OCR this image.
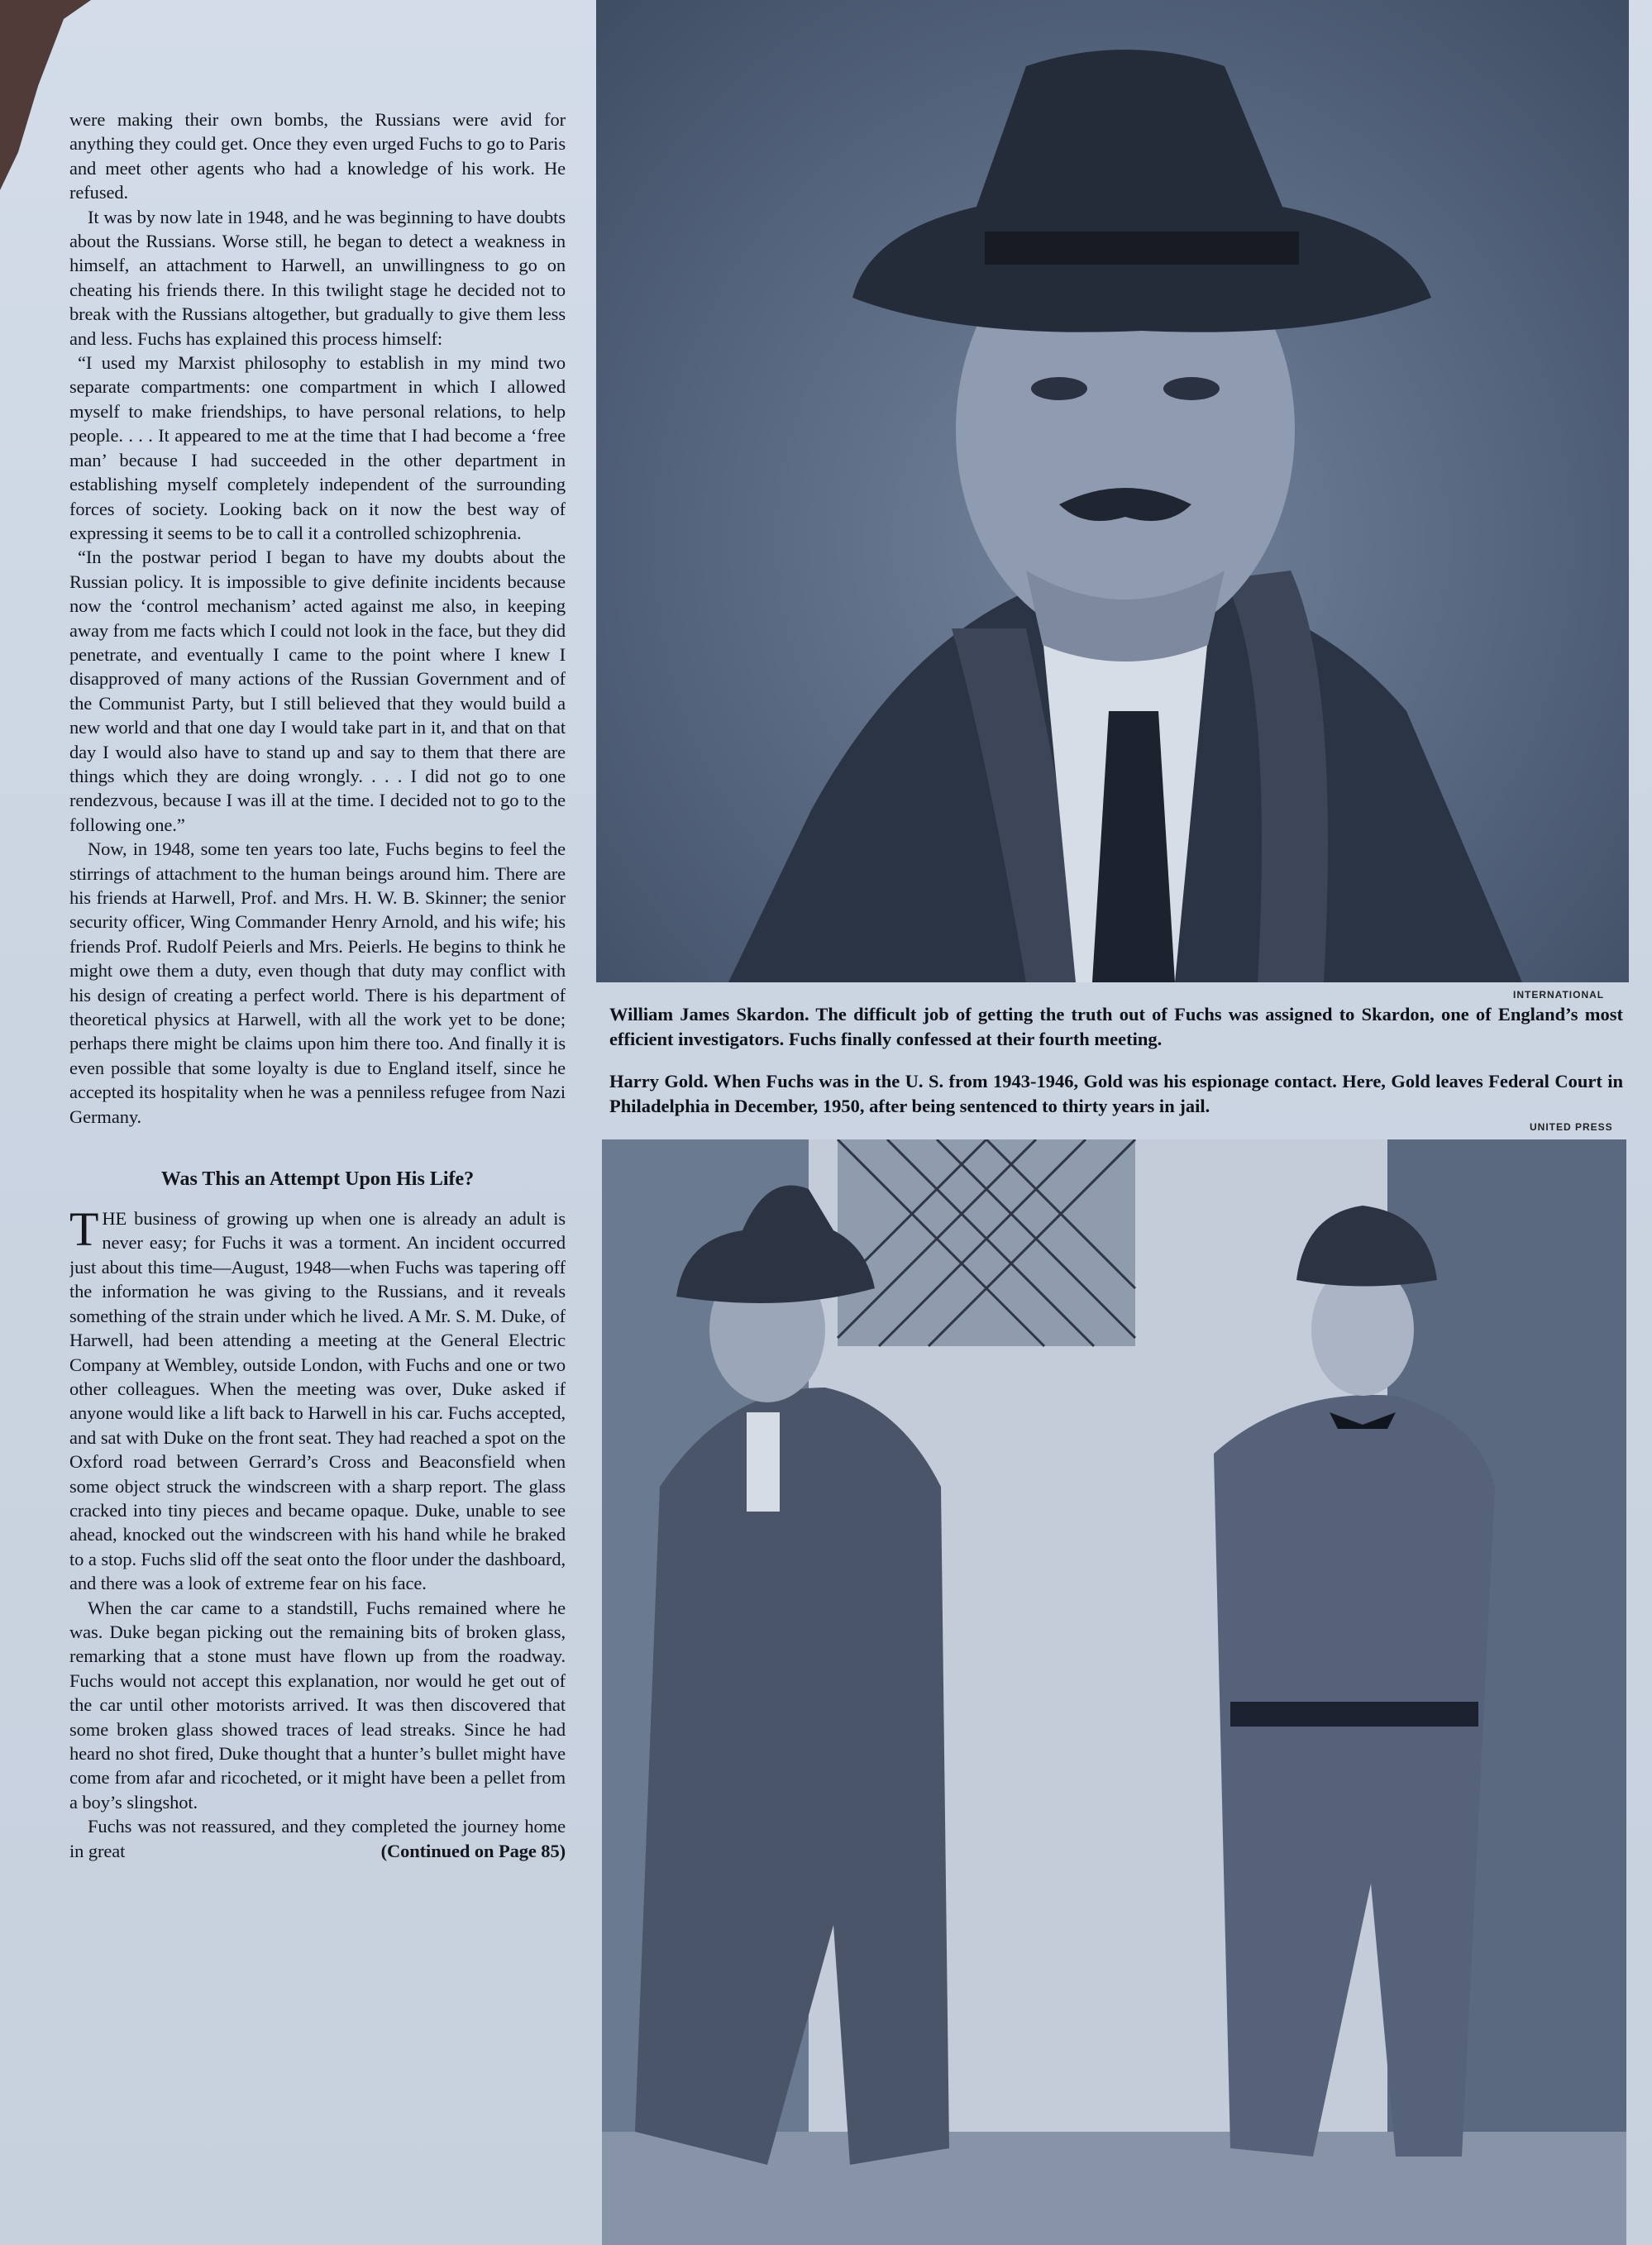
were making their own bombs, the Russians were avid for anything they could get. Once they even urged Fuchs to go to Paris and meet other agents who had a knowledge of his work. He refused.

It was by now late in 1948, and he was beginning to have doubts about the Russians. Worse still, he began to detect a weakness in himself, an attachment to Harwell, an unwillingness to go on cheating his friends there. In this twilight stage he decided not to break with the Russians altogether, but gradually to give them less and less. Fuchs has explained this process himself:

“I used my Marxist philosophy to establish in my mind two separate compartments: one compartment in which I allowed myself to make friendships, to have personal relations, to help people. . . . It appeared to me at the time that I had become a ‘free man’ because I had succeeded in the other department in establishing myself completely independent of the surrounding forces of society. Looking back on it now the best way of expressing it seems to be to call it a controlled schizophrenia.

“In the postwar period I began to have my doubts about the Russian policy. It is impossible to give definite incidents because now the ‘control mechanism’ acted against me also, in keeping away from me facts which I could not look in the face, but they did penetrate, and eventually I came to the point where I knew I disapproved of many actions of the Russian Government and of the Communist Party, but I still believed that they would build a new world and that one day I would take part in it, and that on that day I would also have to stand up and say to them that there are things which they are doing wrongly. . . . I did not go to one rendezvous, because I was ill at the time. I decided not to go to the following one.”

Now, in 1948, some ten years too late, Fuchs begins to feel the stirrings of attachment to the human beings around him. There are his friends at Harwell, Prof. and Mrs. H. W. B. Skinner; the senior security officer, Wing Commander Henry Arnold, and his wife; his friends Prof. Rudolf Peierls and Mrs. Peierls. He begins to think he might owe them a duty, even though that duty may conflict with his design of creating a perfect world. There is his department of theoretical physics at Harwell, with all the work yet to be done; perhaps there might be claims upon him there too. And finally it is even possible that some loyalty is due to England itself, since he accepted its hospitality when he was a penniless refugee from Nazi Germany.

Was This an Attempt Upon His Life?

THE business of growing up when one is already an adult is never easy; for Fuchs it was a torment. An incident occurred just about this time—August, 1948—when Fuchs was tapering off the information he was giving to the Russians, and it reveals something of the strain under which he lived. A Mr. S. M. Duke, of Harwell, had been attending a meeting at the General Electric Company at Wembley, outside London, with Fuchs and one or two other colleagues. When the meeting was over, Duke asked if anyone would like a lift back to Harwell in his car. Fuchs accepted, and sat with Duke on the front seat. They had reached a spot on the Oxford road between Gerrard’s Cross and Beaconsfield when some object struck the windscreen with a sharp report. The glass cracked into tiny pieces and became opaque. Duke, unable to see ahead, knocked out the windscreen with his hand while he braked to a stop. Fuchs slid off the seat onto the floor under the dashboard, and there was a look of extreme fear on his face.

When the car came to a standstill, Fuchs remained where he was. Duke began picking out the remaining bits of broken glass, remarking that a stone must have flown up from the roadway. Fuchs would not accept this explanation, nor would he get out of the car until other motorists arrived. It was then discovered that some broken glass showed traces of lead streaks. Since he had heard no shot fired, Duke thought that a hunter’s bullet might have come from afar and ricocheted, or it might have been a pellet from a boy’s slingshot.

Fuchs was not reassured, and they completed the journey home in great	(Continued on Page 85)

INTERNATIONAL

William James Skardon. The difficult job of getting the truth out of Fuchs was assigned to Skardon, one of England’s most efficient investigators. Fuchs finally confessed at their fourth meeting.

Harry Gold. When Fuchs was in the U. S. from 1943-1946, Gold was his espionage contact. Here, Gold leaves Federal Court in Philadelphia in December, 1950, after being sentenced to thirty years in jail.

UNITED PRESS
